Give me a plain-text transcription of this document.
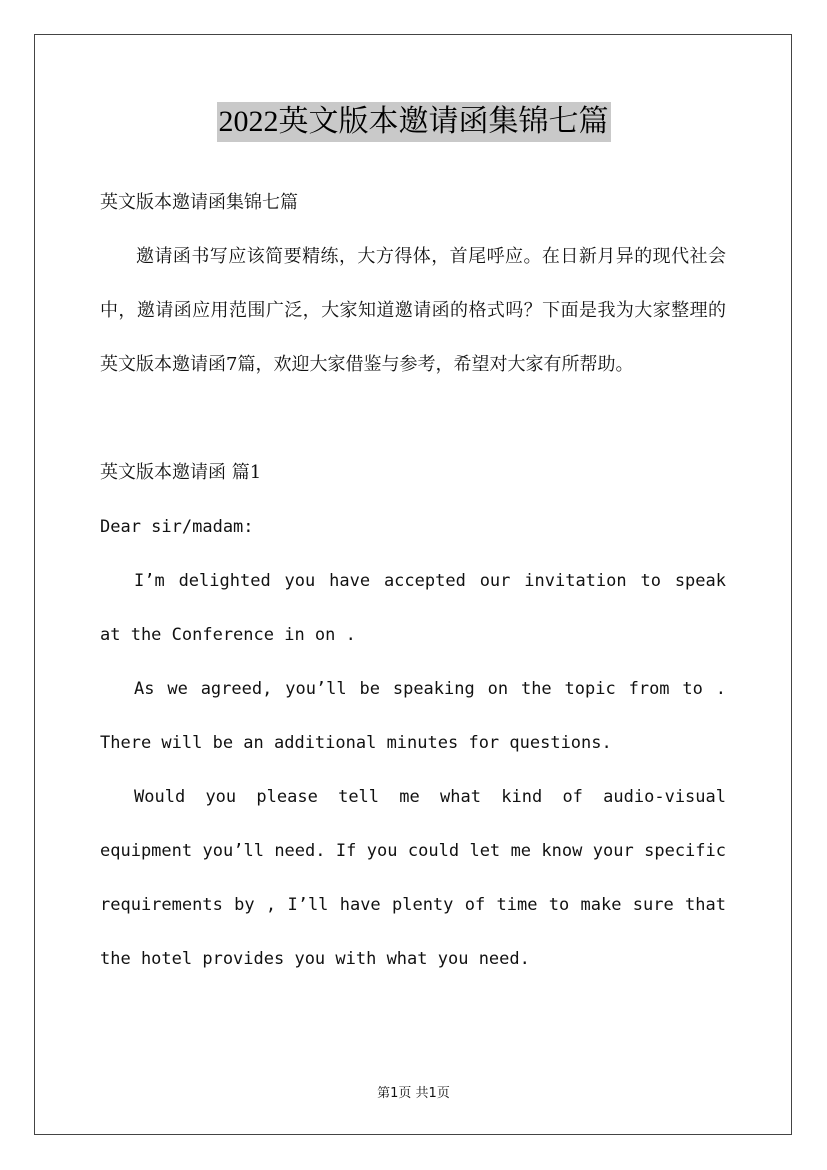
2022英文版本邀请函集锦七篇

英文版本邀请函集锦七篇

邀请函书写应该简要精练，大方得体，首尾呼应。在日新月异的现代社会中，邀请函应用范围广泛，大家知道邀请函的格式吗？下面是我为大家整理的英文版本邀请函7篇，欢迎大家借鉴与参考，希望对大家有所帮助。

英文版本邀请函 篇1

Dear sir/madam:

I’m delighted you have accepted our invitation to speak at the Conference in on .

As we agreed, you’ll be speaking on the topic from to . There will be an additional minutes for questions.

Would you please tell me what kind of audio-visual equipment you’ll need. If you could let me know your specific requirements by , I’ll have plenty of time to make sure that the hotel provides you with what you need.

第1页 共1页
